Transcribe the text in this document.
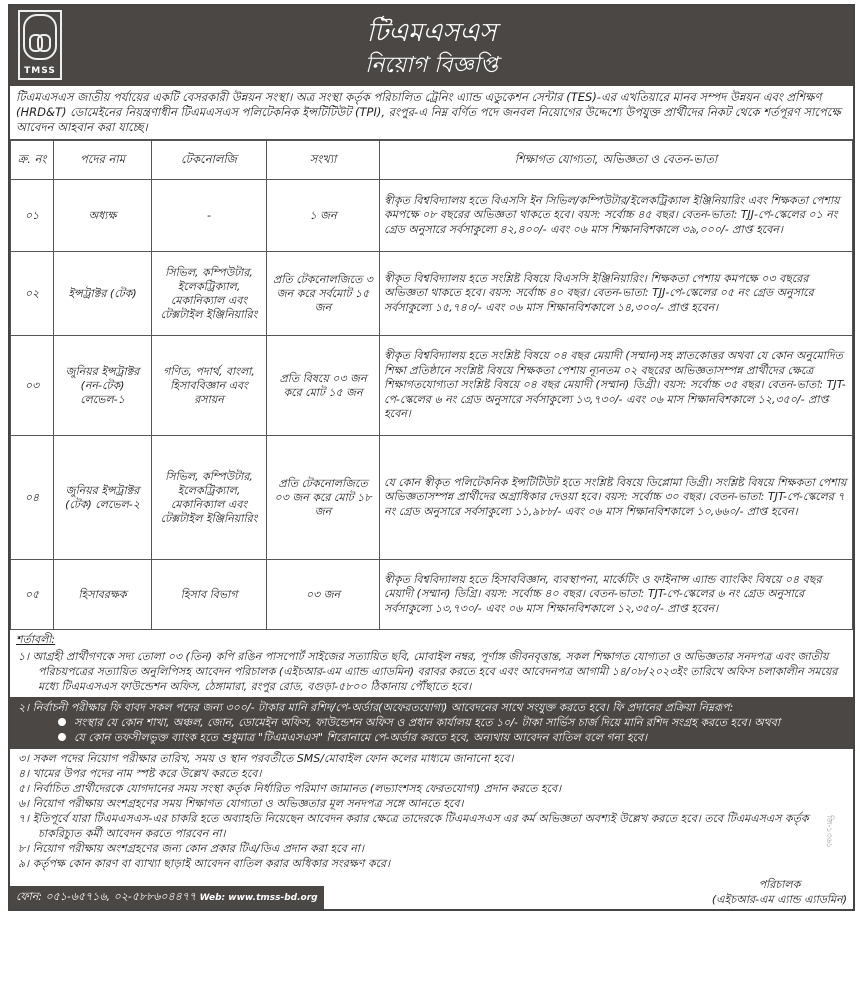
TMSS
টিএমএসএস
নিয়োগ বিজ্ঞপ্তি
টিএমএসএস জাতীয় পর্যায়ের একটি বেসরকারী উন্নয়ন সংস্থা। অত্র সংস্থা কর্তৃক পরিচালিত ট্রেনিং এ্যান্ড এডুকেশন সেন্টার (TES)-এর এখতিয়ারে মানব সম্পদ উন্নয়ন এবং প্রশিক্ষণ (HRD&T) ডোমেইনের নিয়ন্ত্রণাধীন টিএমএসএস পলিটেকনিক ইন্সটিটিউট (TPI), রংপুর-এ নিম্ন বর্ণিত পদে জনবল নিয়োগের উদ্দেশ্যে উপযুক্ত প্রার্থীদের নিকট থেকে শর্তপূরণ সাপেক্ষে আবেদন আহবান করা যাচ্ছে।
ক্র. নং	পদের নাম	টেকনোলজি	সংখ্যা	শিক্ষাগত যোগ্যতা, অভিজ্ঞতা ও বেতন-ভাতা
০১	অধ্যক্ষ	-	১ জন	স্বীকৃত বিশ্ববিদ্যালয় হতে বিএসসি ইন সিভিল/কম্পিউটার/ইলেকট্রিক্যাল ইঞ্জিনিয়ারিং এবং শিক্ষকতা পেশায় কমপক্ষে ০৮ বছরের অভিজ্ঞতা থাকতে হবে। বয়স: সর্বোচ্চ ৪৫ বছর। বেতন-ভাতা: TJJ-পে-স্কেলের ০১ নং গ্রেড অনুসারে সর্বসাকুল্যে ৪২,৪০০/- এবং ০৬ মাস শিক্ষানবিশকালে ৩৯,০০০/- প্রাপ্ত হবেন।
০২	ইন্সট্রাক্টর (টেক)	সিভিল, কম্পিউটার, ইলেকট্রিক্যাল, মেকানিক্যাল এবং টেক্সটাইল ইঞ্জিনিয়ারিং	প্রতি টেকনোলজিতে ৩ জন করে সর্বমোট ১৫ জন	স্বীকৃত বিশ্ববিদ্যালয় হতে সংশ্লিষ্ট বিষয়ে বিএসসি ইঞ্জিনিয়ারিং। শিক্ষকতা পেশায় কমপক্ষে ০৩ বছরের অভিজ্ঞতা থাকতে হবে। বয়স: সর্বোচ্চ ৪০ বছর। বেতন-ভাতা: TJJ-পে-স্কেলের ০৫ নং গ্রেড অনুসারে সর্বসাকুল্যে ১৫,৭৪০/- এবং ০৬ মাস শিক্ষানবিশকালে ১৪,৩০০/- প্রাপ্ত হবেন।
০৩	জুনিয়র ইন্সট্রাক্টর (নন-টেক) লেভেল-১	গণিত, পদার্থ, বাংলা, হিসাববিজ্ঞান এবং রসায়ন	প্রতি বিষয়ে ০৩ জন করে মোট ১৫ জন	স্বীকৃত বিশ্ববিদ্যালয় হতে সংশ্লিষ্ট বিষয়ে ০৪ বছর মেয়াদী (সম্মান)সহ স্নাতকোত্তর অথবা যে কোন অনুমোদিত শিক্ষা প্রতিষ্ঠানে সংশ্লিষ্ট বিষয়ে শিক্ষকতা পেশায় ন্যূনতম ০২ বছরের অভিজ্ঞতাসম্পন্ন প্রার্থীদের ক্ষেত্রে শিক্ষাগতযোগ্যতা সংশ্লিষ্ট বিষয়ে ০৪ বছর মেয়াদী (সম্মান) ডিগ্রী। বয়স: সর্বোচ্চ ৩৫ বছর। বেতন-ভাতা: TJT-পে-স্কেলের ৬ নং গ্রেড অনুসারে সর্বসাকুল্যে ১৩,৭৩০/- এবং ০৬ মাস শিক্ষানবিশকালে ১২,৩৫০/- প্রাপ্ত হবেন।
০৪	জুনিয়র ইন্সট্রাক্টর (টেক) লেভেল-২	সিভিল, কম্পিউটার, ইলেকট্রিক্যাল, মেকানিক্যাল এবং টেক্সটাইল ইঞ্জিনিয়ারিং	প্রতি টেকনোলজিতে ০৩ জন করে মোট ১৮ জন	যে কোন স্বীকৃত পলিটেকনিক ইন্সটিটিউট হতে সংশ্লিষ্ট বিষয়ে ডিপ্লোমা ডিগ্রী। সংশ্লিষ্ট বিষয়ে শিক্ষকতা পেশায় অভিজ্ঞতাসম্পন্ন প্রার্থীদের অগ্রাধিকার দেওয়া হবে। বয়স: সর্বোচ্চ ৩০ বছর। বেতন-ভাতা: TJT-পে-স্কেলের ৭ নং গ্রেড অনুসারে সর্বসাকুল্যে ১১,৯৮৮/- এবং ০৬ মাস শিক্ষানবিশকালে ১০,৬৬০/- প্রাপ্ত হবেন।
০৫	হিসাবরক্ষক	হিসাব বিভাগ	০৩ জন	স্বীকৃত বিশ্ববিদ্যালয় হতে হিসাববিজ্ঞান, ব্যবস্থাপনা, মার্কেটিং ও ফাইনান্স এ্যান্ড ব্যাংকিং বিষয়ে ০৪ বছর মেয়াদী (সম্মান) ডিগ্রি। বয়স: সর্বোচ্চ ৪০ বছর। বেতন-ভাতা: TJT-পে-স্কেলের ৬ নং গ্রেড অনুসারে সর্বসাকুল্যে ১৩,৭৩০/- এবং ০৬ মাস শিক্ষানবিশকালে ১২,৩৫০/- প্রাপ্ত হবেন।
শর্তাবলী:
১। আগ্রহী প্রার্থীগণকে সদ্য তোলা ০৩ (তিন) কপি রঙিন পাসপোর্ট সাইজের সত্যায়িত ছবি, মোবাইল নম্বর, পূর্ণাঙ্গ জীবনবৃত্তান্ত, সকল শিক্ষাগত যোগ্যতা ও অভিজ্ঞতার সনদপত্র এবং জাতীয় পরিচয়পত্রের সত্যায়িত অনুলিপিসহ আবেদন পরিচালক (এইচআর-এম এ্যান্ড এ্যাডমিন) বরাবর করতে হবে এবং আবেদনপত্র আগামী ১৪/০৮/২০২৩ইং তারিখে অফিস চলাকালীন সময়ের মধ্যে টিএমএসএস ফাউন্ডেশন অফিস, ঠেঙ্গামারা, রংপুর রোড, বগুড়া-৫৮০০ ঠিকানায় পৌঁছাতে হবে।
২। নির্বাচনী পরীক্ষার ফি বাবদ সকল পদের জন্য ৩০০/- টাকার মানি রশিদ/পে-অর্ডার(অফেরতযোগ্য) আবেদনের সাথে সংযুক্ত করতে হবে। ফি প্রদানের প্রক্রিয়া নিম্নরূপ:
সংস্থার যে কোন শাখা, অঞ্চল, জোন, ডোমেইন অফিস, ফাউন্ডেশন অফিস ও প্রধান কার্যালয় হতে ১০/- টাকা সার্ভিস চার্জ দিয়ে মানি রশিদ সংগ্রহ করতে হবে। অথবা
যে কোন তফসীলভুক্ত ব্যাংক হতে শুধুমাত্র "টিএমএসএস" শিরোনামে পে-অর্ডার করতে হবে, অন্যথায় আবেদন বাতিল বলে গন্য হবে।
৩। সকল পদের নিয়োগ পরীক্ষার তারিখ, সময় ও স্থান পরবর্তীতে SMS/মোবাইল ফোন কলের মাধ্যমে জানানো হবে।
৪। খামের উপর পদের নাম স্পষ্ট করে উল্লেখ করতে হবে।
৫। নির্বাচিত প্রার্থীদেরকে যোগদানের সময় সংস্থা কর্তৃক নির্ধারিত পরিমাণ জামানত (লভ্যাংশসহ ফেরতযোগ্য) প্রদান করতে হবে।
৬। নিয়োগ পরীক্ষায় অংশগ্রহণের সময় শিক্ষাগত যোগ্যতা ও অভিজ্ঞতার মূল সনদপত্র সঙ্গে আনতে হবে।
৭। ইতিপূর্বে যারা টিএমএসএস-এর চাকরি হতে অব্যাহতি নিয়েছেন আবেদন করার ক্ষেত্রে তাদেরকে টিএমএসএস এর কর্ম অভিজ্ঞতা অবশ্যই উল্লেখ করতে হবে। তবে টিএমএসএস কর্তৃক চাকরিচ্যুত কর্মী আবেদন করতে পারবেন না।
৮। নিয়োগ পরীক্ষায় অংশগ্রহণের জন্য কোন প্রকার টিএ/ডিএ প্রদান করা হবে না।
৯। কর্তৃপক্ষ কোন কারণ বা ব্যাখ্যা ছাড়াই আবেদন বাতিল করার অধিকার সংরক্ষণ করে।
ফোন: ০৫১-৬৫৭১৬, ০২-৫৮৮৬০৪৪৭৭ Web: www.tmss-bd.org
পরিচালক
(এইচআর-এম এ্যান্ড এ্যাডমিন)
জি-১৩৬১
